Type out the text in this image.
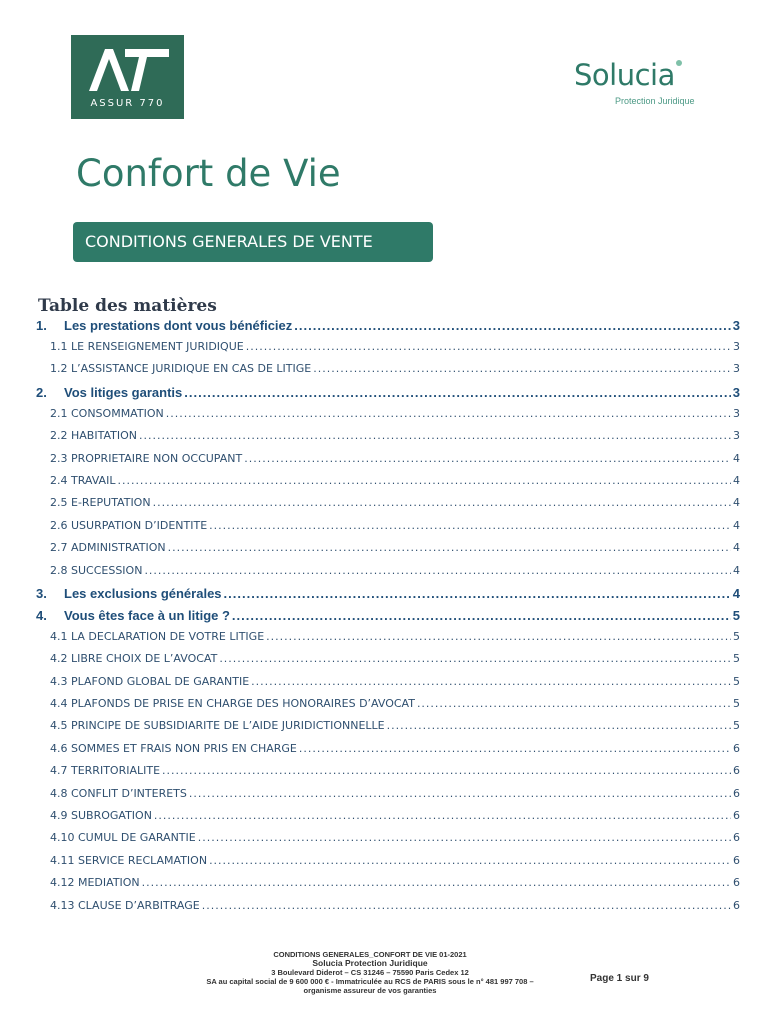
ASSUR 770
Solucia
Protection Juridique
Confort de Vie
CONDITIONS GENERALES DE VENTE
Table des matières
1.	Les prestations dont vous bénéficiez .....	3
1.1 LE RENSEIGNEMENT JURIDIQUE .....	3
1.2 L’ASSISTANCE JURIDIQUE EN CAS DE LITIGE .....	3
2.	Vos litiges garantis .....	3
2.1 CONSOMMATION .....	3
2.2 HABITATION .....	3
2.3 PROPRIETAIRE NON OCCUPANT .....	4
2.4 TRAVAIL .....	4
2.5 E-REPUTATION .....	4
2.6 USURPATION D’IDENTITE .....	4
2.7 ADMINISTRATION .....	4
2.8 SUCCESSION .....	4
3.	Les exclusions générales .....	4
4.	Vous êtes face à un litige ? .....	5
4.1 LA DECLARATION DE VOTRE LITIGE .....	5
4.2 LIBRE CHOIX DE L’AVOCAT .....	5
4.3 PLAFOND GLOBAL DE GARANTIE .....	5
4.4 PLAFONDS DE PRISE EN CHARGE DES HONORAIRES D’AVOCAT .....	5
4.5 PRINCIPE DE SUBSIDIARITE DE L’AIDE JURIDICTIONNELLE .....	5
4.6 SOMMES ET FRAIS NON PRIS EN CHARGE .....	6
4.7 TERRITORIALITE .....	6
4.8 CONFLIT D’INTERETS .....	6
4.9 SUBROGATION .....	6
4.10 CUMUL DE GARANTIE .....	6
4.11 SERVICE RECLAMATION .....	6
4.12 MEDIATION .....	6
4.13 CLAUSE D’ARBITRAGE .....	6
CONDITIONS GENERALES_CONFORT DE VIE 01-2021
Solucia Protection Juridique
3 Boulevard Diderot – CS 31246 – 75590 Paris Cedex 12
SA au capital social de 9 600 000 € - Immatriculée au RCS de PARIS sous le n° 481 997 708 –
organisme assureur de vos garanties
Page 1 sur 9
